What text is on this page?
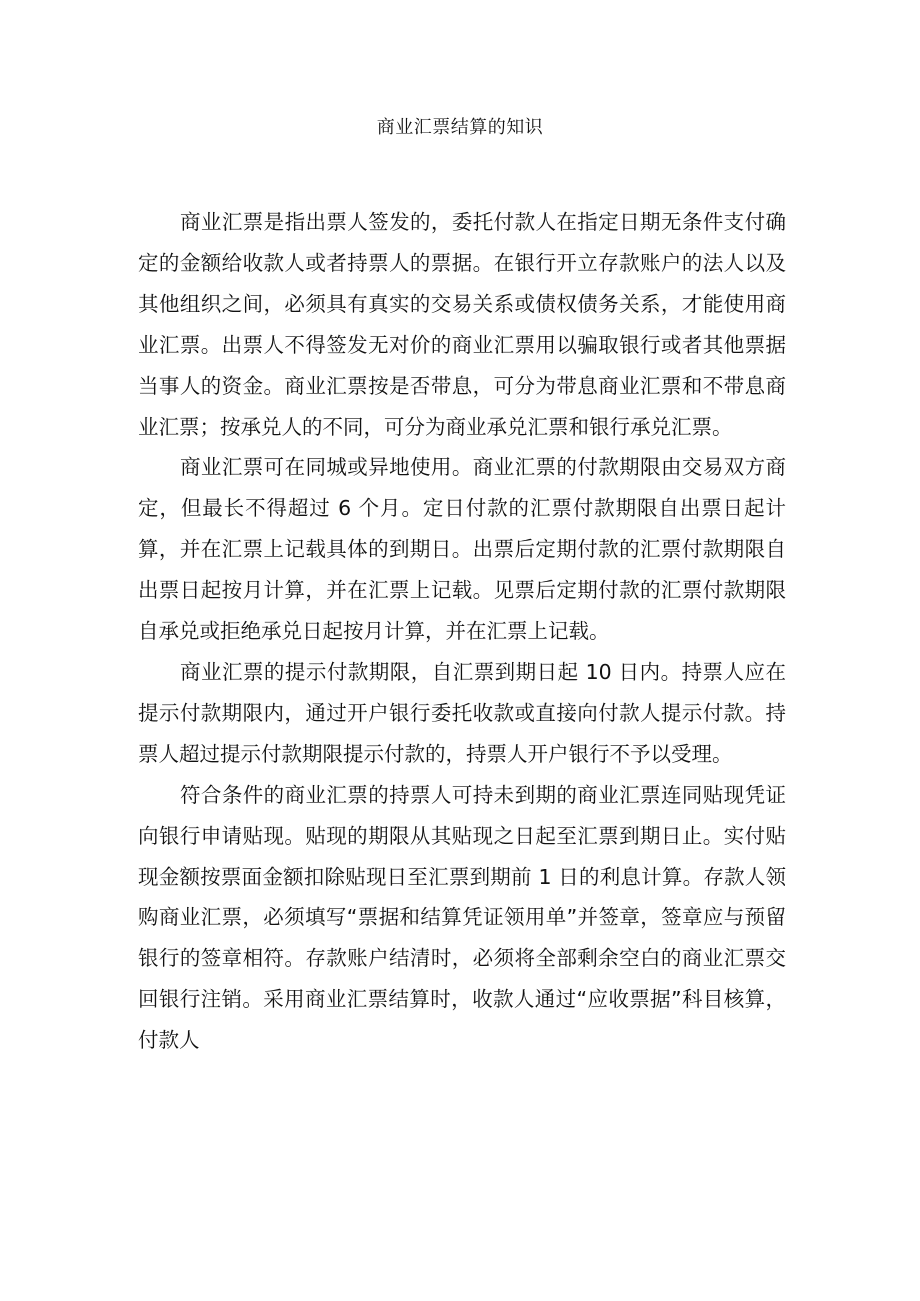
商业汇票结算的知识

商业汇票是指出票人签发的，委托付款人在指定日期无条件支付确定的金额给收款人或者持票人的票据。在银行开立存款账户的法人以及其他组织之间，必须具有真实的交易关系或债权债务关系，才能使用商业汇票。出票人不得签发无对价的商业汇票用以骗取银行或者其他票据当事人的资金。商业汇票按是否带息，可分为带息商业汇票和不带息商业汇票；按承兑人的不同，可分为商业承兑汇票和银行承兑汇票。

商业汇票可在同城或异地使用。商业汇票的付款期限由交易双方商定，但最长不得超过 6 个月。定日付款的汇票付款期限自出票日起计算，并在汇票上记载具体的到期日。出票后定期付款的汇票付款期限自出票日起按月计算，并在汇票上记载。见票后定期付款的汇票付款期限自承兑或拒绝承兑日起按月计算，并在汇票上记载。

商业汇票的提示付款期限，自汇票到期日起 10 日内。持票人应在提示付款期限内，通过开户银行委托收款或直接向付款人提示付款。持票人超过提示付款期限提示付款的，持票人开户银行不予以受理。

符合条件的商业汇票的持票人可持未到期的商业汇票连同贴现凭证向银行申请贴现。贴现的期限从其贴现之日起至汇票到期日止。实付贴现金额按票面金额扣除贴现日至汇票到期前 1 日的利息计算。存款人领购商业汇票，必须填写“票据和结算凭证领用单”并签章，签章应与预留银行的签章相符。存款账户结清时，必须将全部剩余空白的商业汇票交回银行注销。采用商业汇票结算时，收款人通过“应收票据”科目核算，付款人
